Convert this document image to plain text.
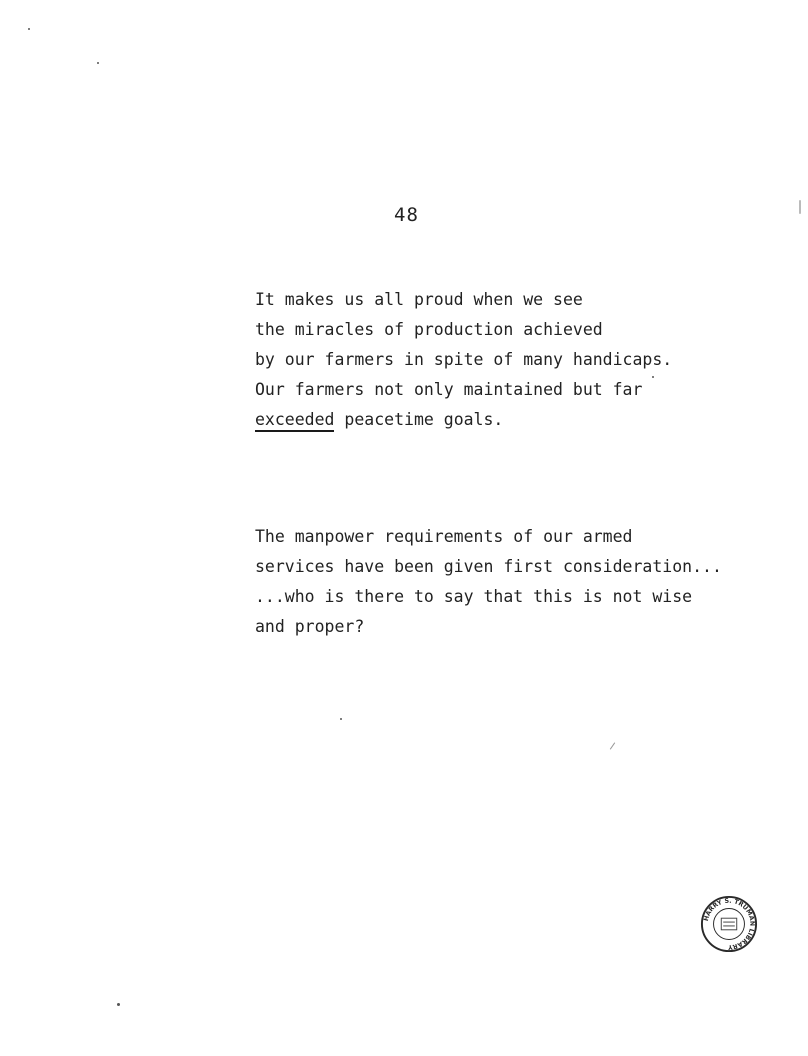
48
It makes us all proud when we see
the miracles of production achieved
by our farmers in spite of many handicaps.
Our farmers not only maintained but far
exceeded peacetime goals.
The manpower requirements of our armed
services have been given first consideration...
...who is there to say that this is not wise
and proper?
HARRY S. TRUMAN LIBRARY
